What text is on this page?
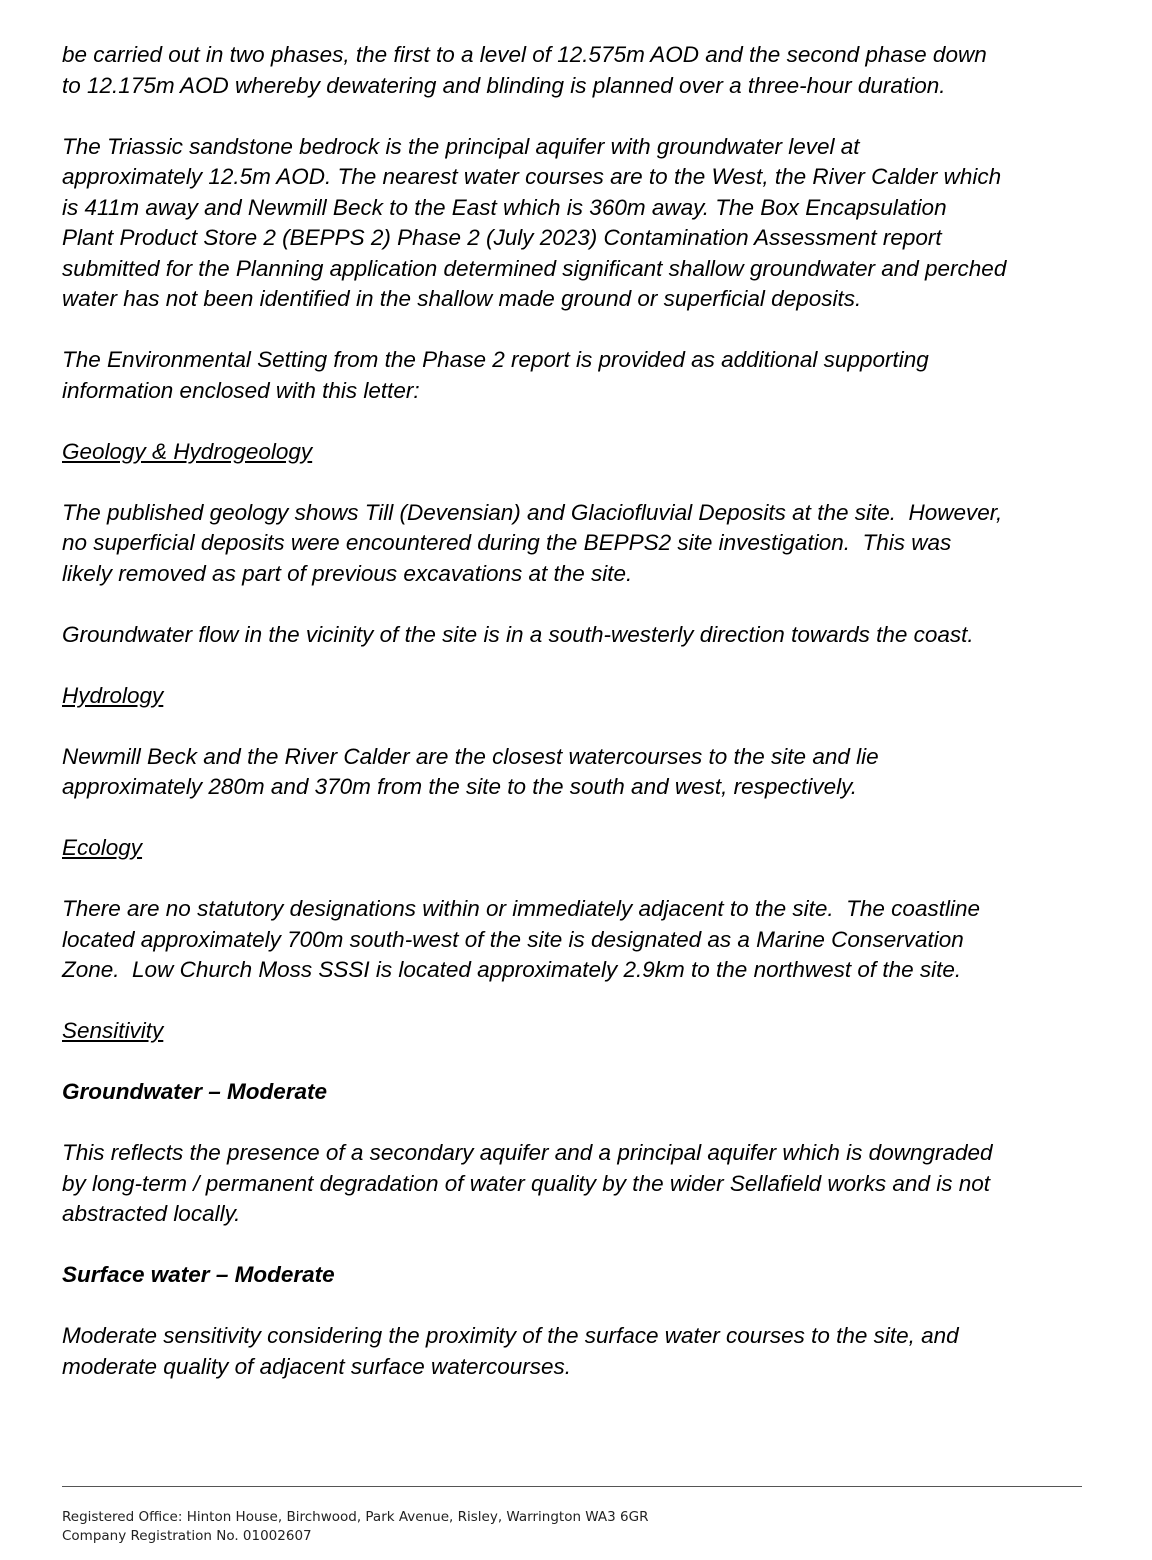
be carried out in two phases, the first to a level of 12.575m AOD and the second phase down
to 12.175m AOD whereby dewatering and blinding is planned over a three-hour duration.

The Triassic sandstone bedrock is the principal aquifer with groundwater level at
approximately 12.5m AOD. The nearest water courses are to the West, the River Calder which
is 411m away and Newmill Beck to the East which is 360m away. The Box Encapsulation
Plant Product Store 2 (BEPPS 2) Phase 2 (July 2023) Contamination Assessment report
submitted for the Planning application determined significant shallow groundwater and perched
water has not been identified in the shallow made ground or superficial deposits.

The Environmental Setting from the Phase 2 report is provided as additional supporting
information enclosed with this letter:

Geology & Hydrogeology

The published geology shows Till (Devensian) and Glaciofluvial Deposits at the site.  However,
no superficial deposits were encountered during the BEPPS2 site investigation.  This was
likely removed as part of previous excavations at the site.

Groundwater flow in the vicinity of the site is in a south-westerly direction towards the coast.

Hydrology

Newmill Beck and the River Calder are the closest watercourses to the site and lie
approximately 280m and 370m from the site to the south and west, respectively.

Ecology

There are no statutory designations within or immediately adjacent to the site.  The coastline
located approximately 700m south-west of the site is designated as a Marine Conservation
Zone.  Low Church Moss SSSI is located approximately 2.9km to the northwest of the site.

Sensitivity

Groundwater – Moderate

This reflects the presence of a secondary aquifer and a principal aquifer which is downgraded
by long-term / permanent degradation of water quality by the wider Sellafield works and is not
abstracted locally.

Surface water – Moderate

Moderate sensitivity considering the proximity of the surface water courses to the site, and
moderate quality of adjacent surface watercourses.

Registered Office: Hinton House, Birchwood, Park Avenue, Risley, Warrington WA3 6GR
Company Registration No. 01002607
